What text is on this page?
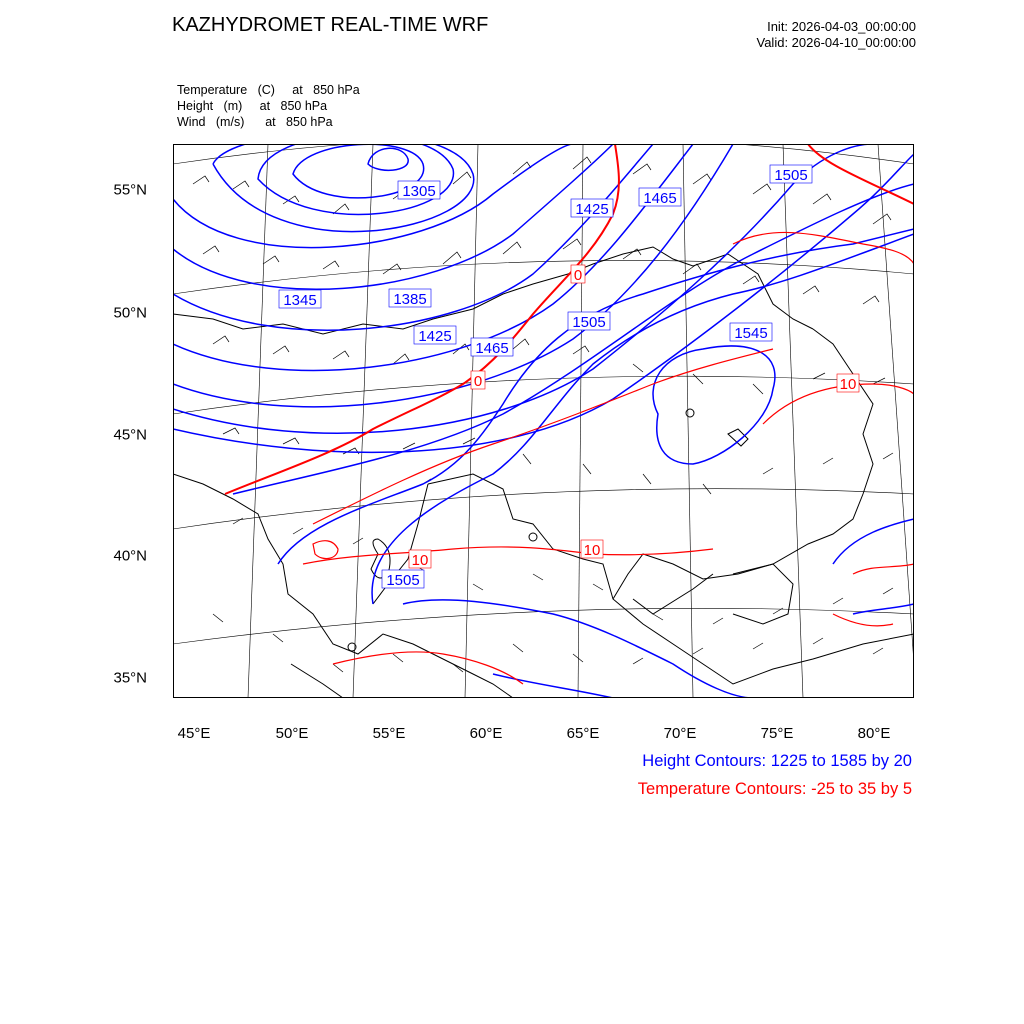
KAZHYDROMET REAL-TIME WRF	Init: 2026-04-03_00:00:00
Valid: 2026-04-10_00:00:00
Temperature   (C)     at   850 hPa
Height   (m)     at   850 hPa
Wind   (m/s)      at   850 hPa
1305
1345	1385
1425
1465
1505
1425
1465
1505
1545
1505
0
0
10
10
10
55°N
50°N
45°N
40°N
35°N
45°E	50°E	55°E	60°E	65°E	70°E	75°E	80°E
Height Contours: 1225 to 1585 by 20
Temperature Contours: -25 to 35 by 5
